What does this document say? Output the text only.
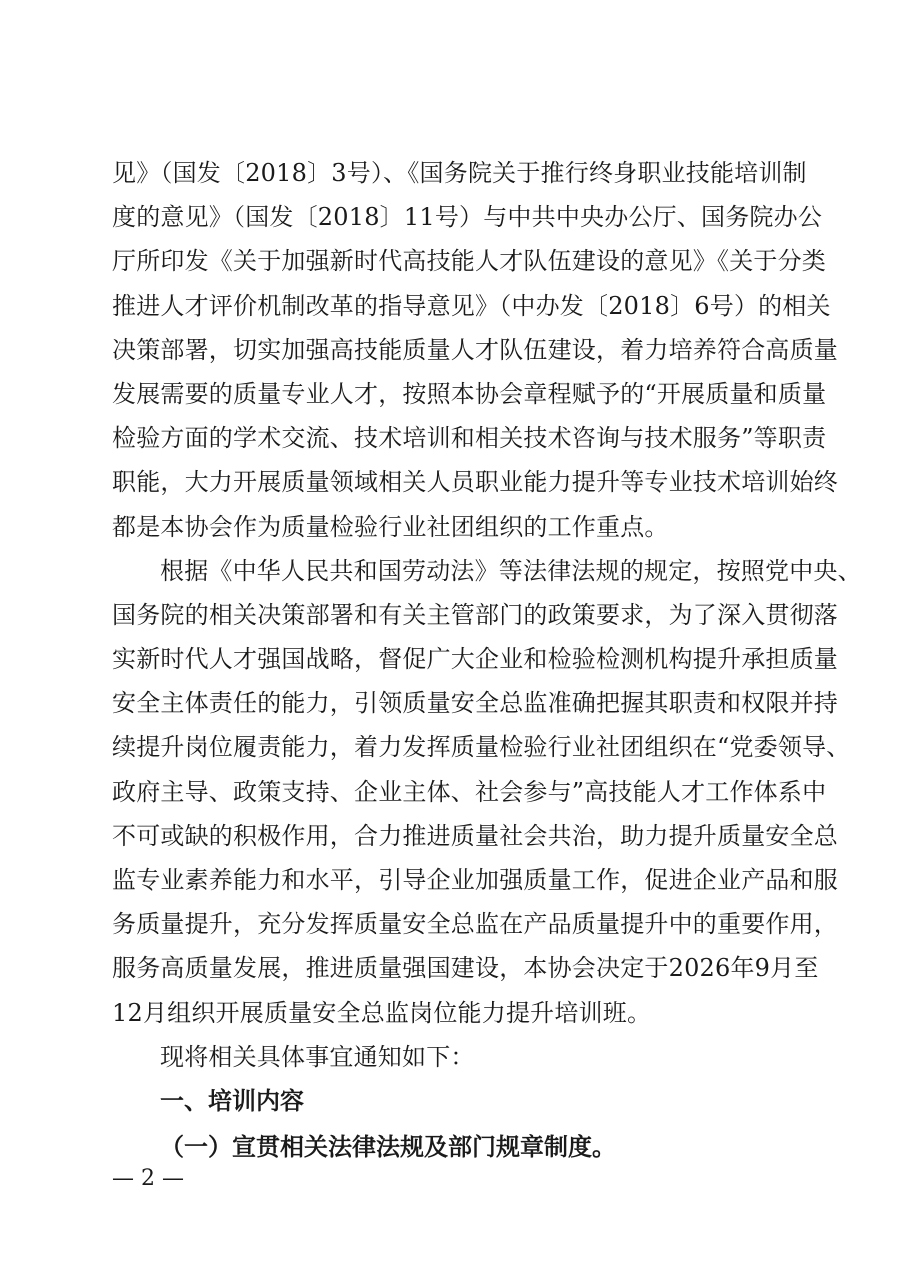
见》（国发〔2018〕3号）、《国务院关于推行终身职业技能培训制
度的意见》（国发〔2018〕11号）与中共中央办公厅、国务院办公
厅所印发《关于加强新时代高技能人才队伍建设的意见》《关于分类
推进人才评价机制改革的指导意见》（中办发〔2018〕6号）的相关
决策部署，切实加强高技能质量人才队伍建设，着力培养符合高质量
发展需要的质量专业人才，按照本协会章程赋予的“开展质量和质量
检验方面的学术交流、技术培训和相关技术咨询与技术服务”等职责
职能，大力开展质量领域相关人员职业能力提升等专业技术培训始终
都是本协会作为质量检验行业社团组织的工作重点。
根据《中华人民共和国劳动法》等法律法规的规定，按照党中央、
国务院的相关决策部署和有关主管部门的政策要求，为了深入贯彻落
实新时代人才强国战略，督促广大企业和检验检测机构提升承担质量
安全主体责任的能力，引领质量安全总监准确把握其职责和权限并持
续提升岗位履责能力，着力发挥质量检验行业社团组织在“党委领导、
政府主导、政策支持、企业主体、社会参与”高技能人才工作体系中
不可或缺的积极作用，合力推进质量社会共治，助力提升质量安全总
监专业素养能力和水平，引导企业加强质量工作，促进企业产品和服
务质量提升，充分发挥质量安全总监在产品质量提升中的重要作用，
服务高质量发展，推进质量强国建设，本协会决定于2026年9月至
12月组织开展质量安全总监岗位能力提升培训班。
现将相关具体事宜通知如下：
一、培训内容
（一）宣贯相关法律法规及部门规章制度。
— 2 —
